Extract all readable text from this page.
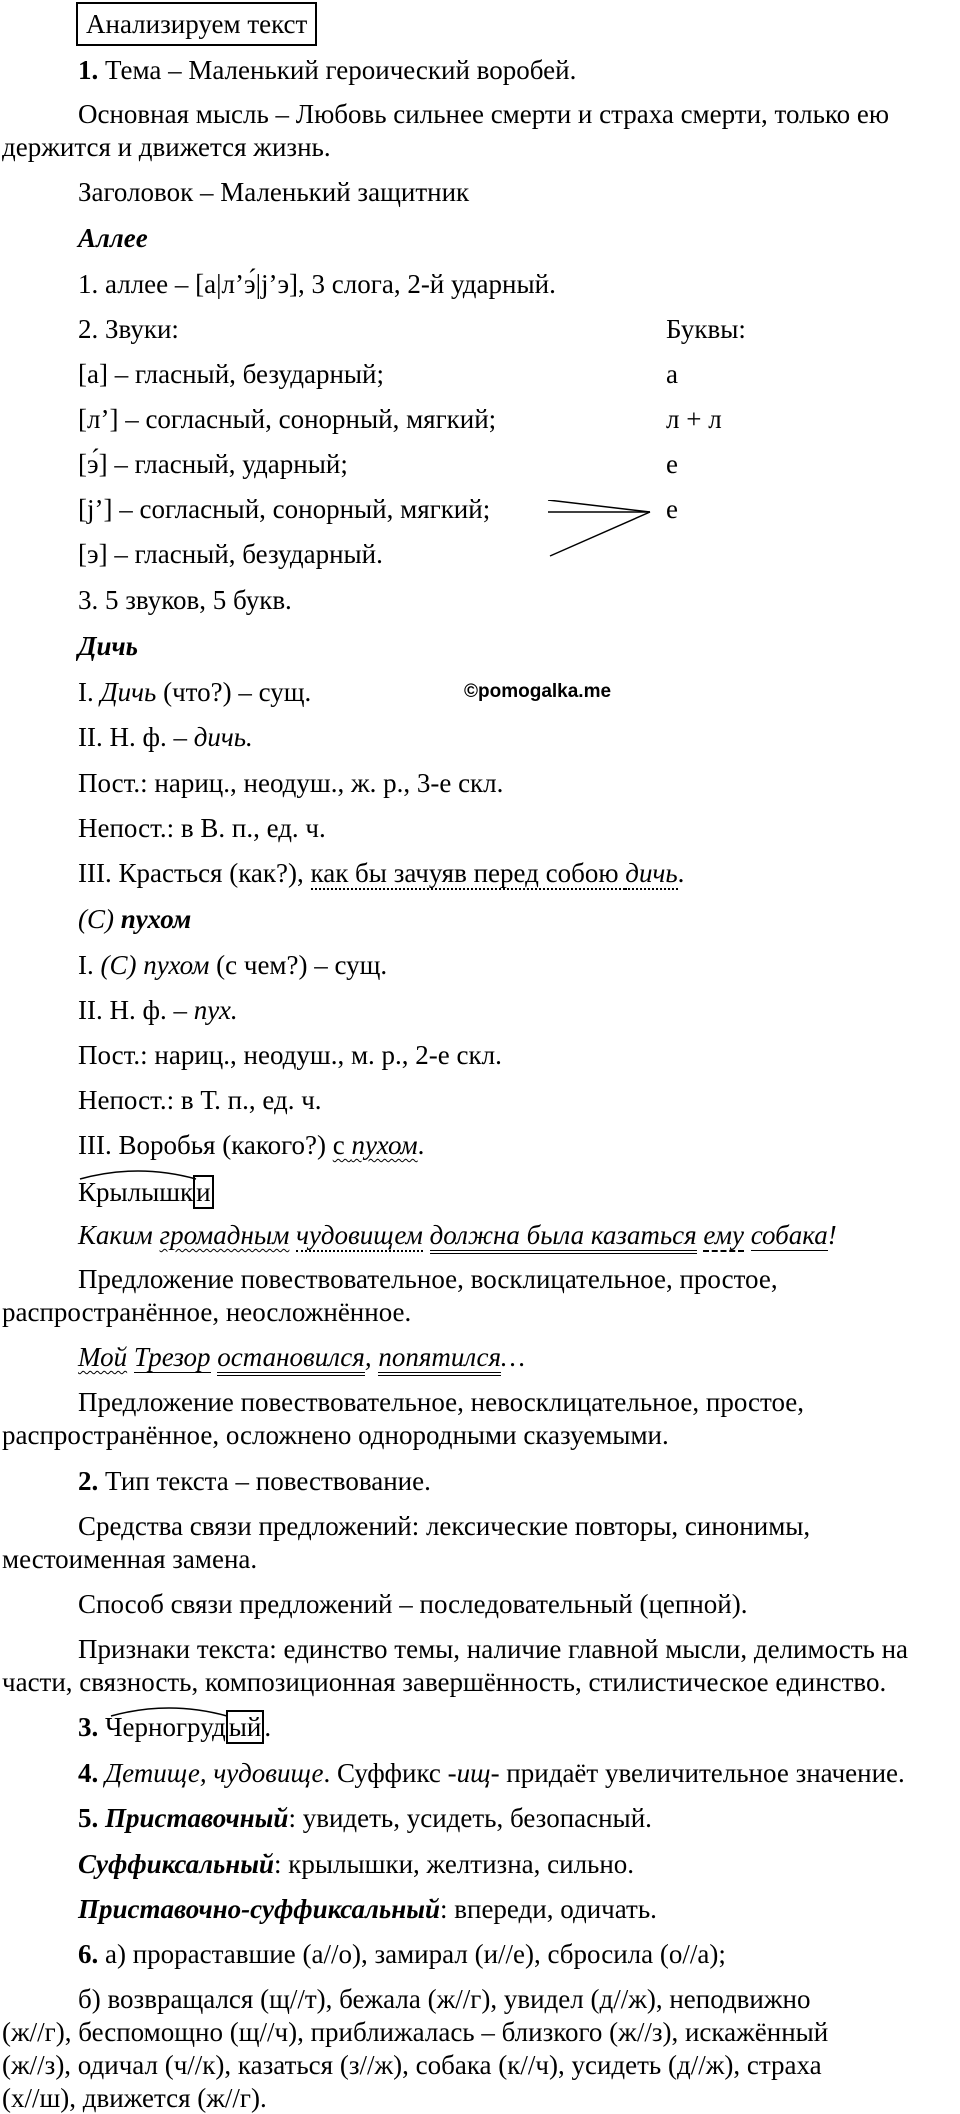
Анализируем текст
1. Тема – Маленький героический воробей.
Основная мысль – Любовь сильнее смерти и страха смерти, только ею
держится и движется жизнь.
Заголовок – Маленький защитник
Аллее
1. аллее – [а|л’э́|j’э], 3 слога, 2-й ударный.
2. Звуки:	Буквы:
[а] – гласный, безударный;	а
[л’] – согласный, сонорный, мягкий;	л + л
[э́] – гласный, ударный;	е
[j’] – согласный, сонорный, мягкий;	е
[э] – гласный, безударный.
3. 5 звуков, 5 букв.
Дичь
I. Дичь (что?) – сущ.	©pomogalka.me
II. Н. ф. – дичь.
Пост.: нариц., неодуш., ж. р., 3-е скл.
Непост.: в В. п., ед. ч.
III. Красться (как?), как бы зачуяв перед собою дичь.
(С) пухом
I. (С) пухом (с чем?) – сущ.
II. Н. ф. – пух.
Пост.: нариц., неодуш., м. р., 2-е скл.
Непост.: в Т. п., ед. ч.
III. Воробья (какого?) с пухом.
Крылышк и
Каким громадным чудовищем должна была казаться ему собака!
Предложение повествовательное, восклицательное, простое,
распространённое, неосложнённое.
Мой Трезор остановился, попятился…
Предложение повествовательное, невосклицательное, простое,
распространённое, осложнено однородными сказуемыми.
2. Тип текста – повествование.
Средства связи предложений: лексические повторы, синонимы,
местоименная замена.
Способ связи предложений – последовательный (цепной).
Признаки текста: единство темы, наличие главной мысли, делимость на
части, связность, композиционная завершённость, стилистическое единство.
3. Черногруд ый .
4. Детище, чудовище. Суффикс -ищ- придаёт увеличительное значение.
5. Приставочный: увидеть, усидеть, безопасный.
Суффиксальный: крылышки, желтизна, сильно.
Приставочно-суффиксальный: впереди, одичать.
6. а) прораставшие (а//о), замирал (и//е), сбросила (о//а);
б) возвращался (щ//т), бежала (ж//г), увидел (д//ж), неподвижно
(ж//г), беспомощно (щ//ч), приближалась – близкого (ж//з), искажённый
(ж//з), одичал (ч//к), казаться (з//ж), собака (к//ч), усидеть (д//ж), страха
(х//ш), движется (ж//г).
